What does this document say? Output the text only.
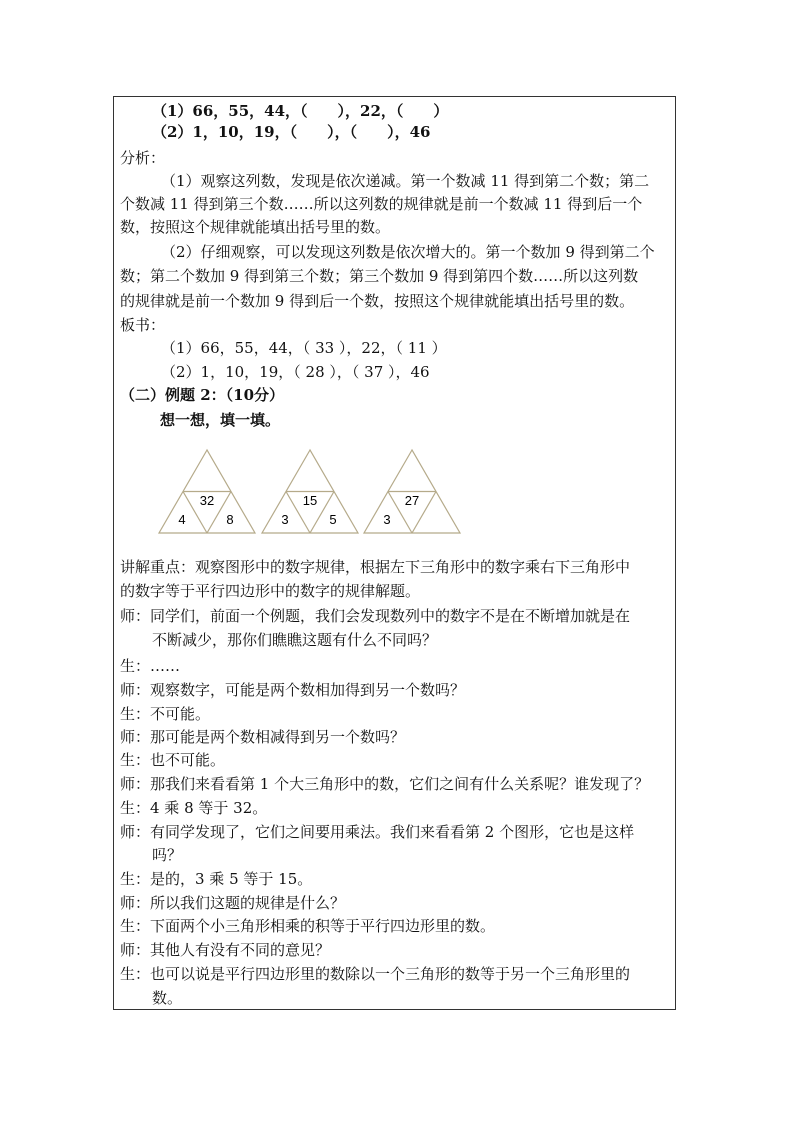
（1）66，55，44，（　　），22，（　　）
（2）1，10，19，（　　），（　　），46
分析：
（1）观察这列数，发现是依次递减。第一个数减 11 得到第二个数；第二
个数减 11 得到第三个数……所以这列数的规律就是前一个数减 11 得到后一个
数，按照这个规律就能填出括号里的数。
（2）仔细观察，可以发现这列数是依次增大的。第一个数加 9 得到第二个
数；第二个数加 9 得到第三个数；第三个数加 9 得到第四个数……所以这列数
的规律就是前一个数加 9 得到后一个数，按照这个规律就能填出括号里的数。
板书：
（1）66，55，44，（ 33 ），22，（ 11 ）
（2）1，10，19，（ 28 ），（ 37 ），46
（二）例题 2：（10分）
想一想，填一填。
32
4	8
15
3	5
27
3
讲解重点：观察图形中的数字规律，根据左下三角形中的数字乘右下三角形中
的数字等于平行四边形中的数字的规律解题。
师：同学们，前面一个例题，我们会发现数列中的数字不是在不断增加就是在
不断减少，那你们瞧瞧这题有什么不同吗？
生：……
师：观察数字，可能是两个数相加得到另一个数吗？
生：不可能。
师：那可能是两个数相减得到另一个数吗？
生：也不可能。
师：那我们来看看第 1 个大三角形中的数，它们之间有什么关系呢？谁发现了？
生：4 乘 8 等于 32。
师：有同学发现了，它们之间要用乘法。我们来看看第 2 个图形，它也是这样
吗？
生：是的，3 乘 5 等于 15。
师：所以我们这题的规律是什么？
生：下面两个小三角形相乘的积等于平行四边形里的数。
师：其他人有没有不同的意见？
生：也可以说是平行四边形里的数除以一个三角形的数等于另一个三角形里的
数。
